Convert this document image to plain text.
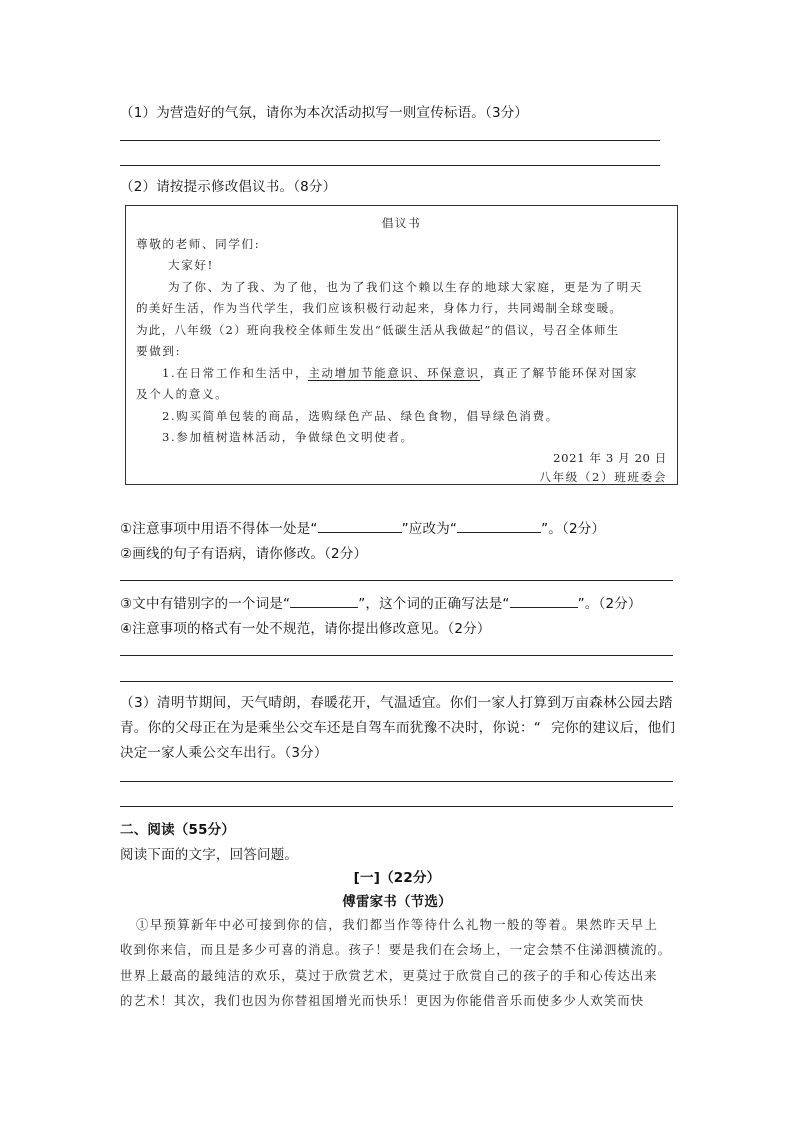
（1）为营造好的气氛，请你为本次活动拟写一则宣传标语。（3分）
（2）请按提示修改倡议书。（8分）
倡议书
尊敬的老师、同学们:
大家好!
为了你、为了我、为了他，也为了我们这个赖以生存的地球大家庭，更是为了明天
的美好生活，作为当代学生，我们应该积极行动起来，身体力行，共同竭制全球变暖。
为此，八年级（2）班向我校全体师生发出“低碳生活从我做起”的倡议，号召全体师生
要做到:
1.在日常工作和生活中，主动增加节能意识、环保意识，真正了解节能环保对国家
及个人的意义。
2.购买简单包装的商品，选购绿色产品、绿色食物，倡导绿色消费。
3.参加植树造林活动，争做绿色文明使者。
2021 年 3 月 20 日
八年级（2）班班委会
①注意事项中用语不得体一处是“	”应改为“	”。（2分）
②画线的句子有语病，请你修改。（2分）
③文中有错别字的一个词是“	”，这个词的正确写法是“	”。（2分）
④注意事项的格式有一处不规范，请你提出修改意见。（2分）
（3）清明节期间，天气晴朗，春暖花开，气温适宜。你们一家人打算到万亩森林公园去踏
青。你的父母正在为是乘坐公交车还是自驾车而犹豫不决时，你说：“ 完你的建议后，他们
决定一家人乘公交车出行。（3分）
二、阅读（55分）
阅读下面的文字，回答问题。
[一]（22分）
傅雷家书（节选）
①早预算新年中必可接到你的信，我们都当作等待什么礼物一般的等着。果然昨天早上
收到你来信，而且是多少可喜的消息。孩子！要是我们在会场上，一定会禁不住涕泗横流的。
世界上最高的最纯洁的欢乐，莫过于欣赏艺术，更莫过于欣赏自己的孩子的手和心传达出来
的艺术！其次，我们也因为你替祖国增光而快乐！更因为你能借音乐而使多少人欢笑而快
